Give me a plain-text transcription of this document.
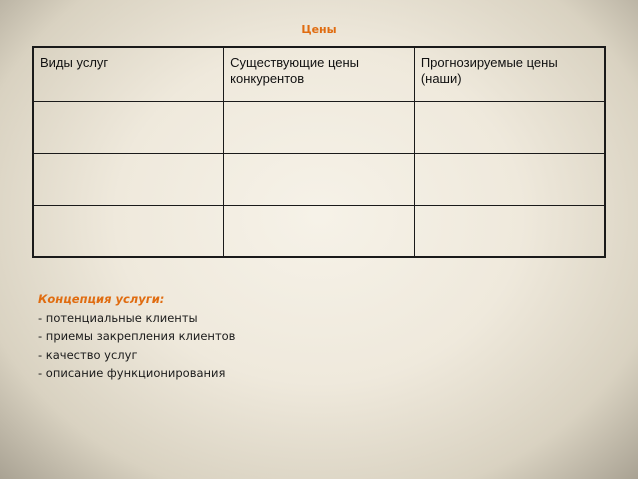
Цены
Виды услуг	Существующие цены конкурентов	Прогнозируемые цены (наши)

Концепция услуги:
- потенциальные клиенты
- приемы закрепления клиентов
- качество услуг
- описание функционирования
